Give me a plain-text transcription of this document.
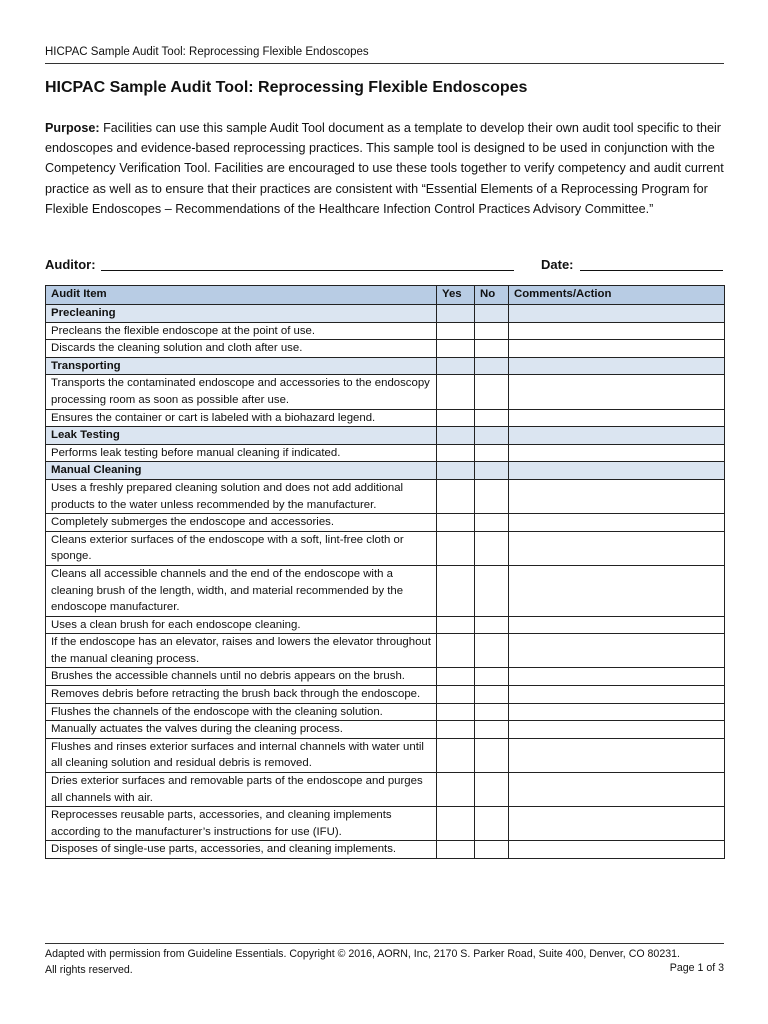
HICPAC Sample Audit Tool: Reprocessing Flexible Endoscopes
HICPAC Sample Audit Tool: Reprocessing Flexible Endoscopes

Purpose: Facilities can use this sample Audit Tool document as a template to develop their own audit tool specific to their endoscopes and evidence-based reprocessing practices. This sample tool is designed to be used in conjunction with the Competency Verification Tool. Facilities are encouraged to use these tools together to verify competency and audit current practice as well as to ensure that their practices are consistent with “Essential Elements of a Reprocessing Program for Flexible Endoscopes – Recommendations of the Healthcare Infection Control Practices Advisory Committee.”

Auditor:	Date:
Audit Item	Yes	No	Comments/Action
Precleaning			
Precleans the flexible endoscope at the point of use.			
Discards the cleaning solution and cloth after use.			
Transporting			
Transports the contaminated endoscope and accessories to the endoscopy processing room as soon as possible after use.			
Ensures the container or cart is labeled with a biohazard legend.			
Leak Testing			
Performs leak testing before manual cleaning if indicated.			
Manual Cleaning			
Uses a freshly prepared cleaning solution and does not add additional products to the water unless recommended by the manufacturer.			
Completely submerges the endoscope and accessories.			
Cleans exterior surfaces of the endoscope with a soft, lint-free cloth or sponge.			
Cleans all accessible channels and the end of the endoscope with a cleaning brush of the length, width, and material recommended by the endoscope manufacturer.			
Uses a clean brush for each endoscope cleaning.			
If the endoscope has an elevator, raises and lowers the elevator throughout the manual cleaning process.			
Brushes the accessible channels until no debris appears on the brush.			
Removes debris before retracting the brush back through the endoscope.			
Flushes the channels of the endoscope with the cleaning solution.			
Manually actuates the valves during the cleaning process.			
Flushes and rinses exterior surfaces and internal channels with water until all cleaning solution and residual debris is removed.			
Dries exterior surfaces and removable parts of the endoscope and purges all channels with air.			
Reprocesses reusable parts, accessories, and cleaning implements according to the manufacturer’s instructions for use (IFU).			
Disposes of single-use parts, accessories, and cleaning implements.			
Adapted with permission from Guideline Essentials. Copyright © 2016, AORN, Inc, 2170 S. Parker Road, Suite 400, Denver, CO 80231.
All rights reserved.	Page 1 of 3
